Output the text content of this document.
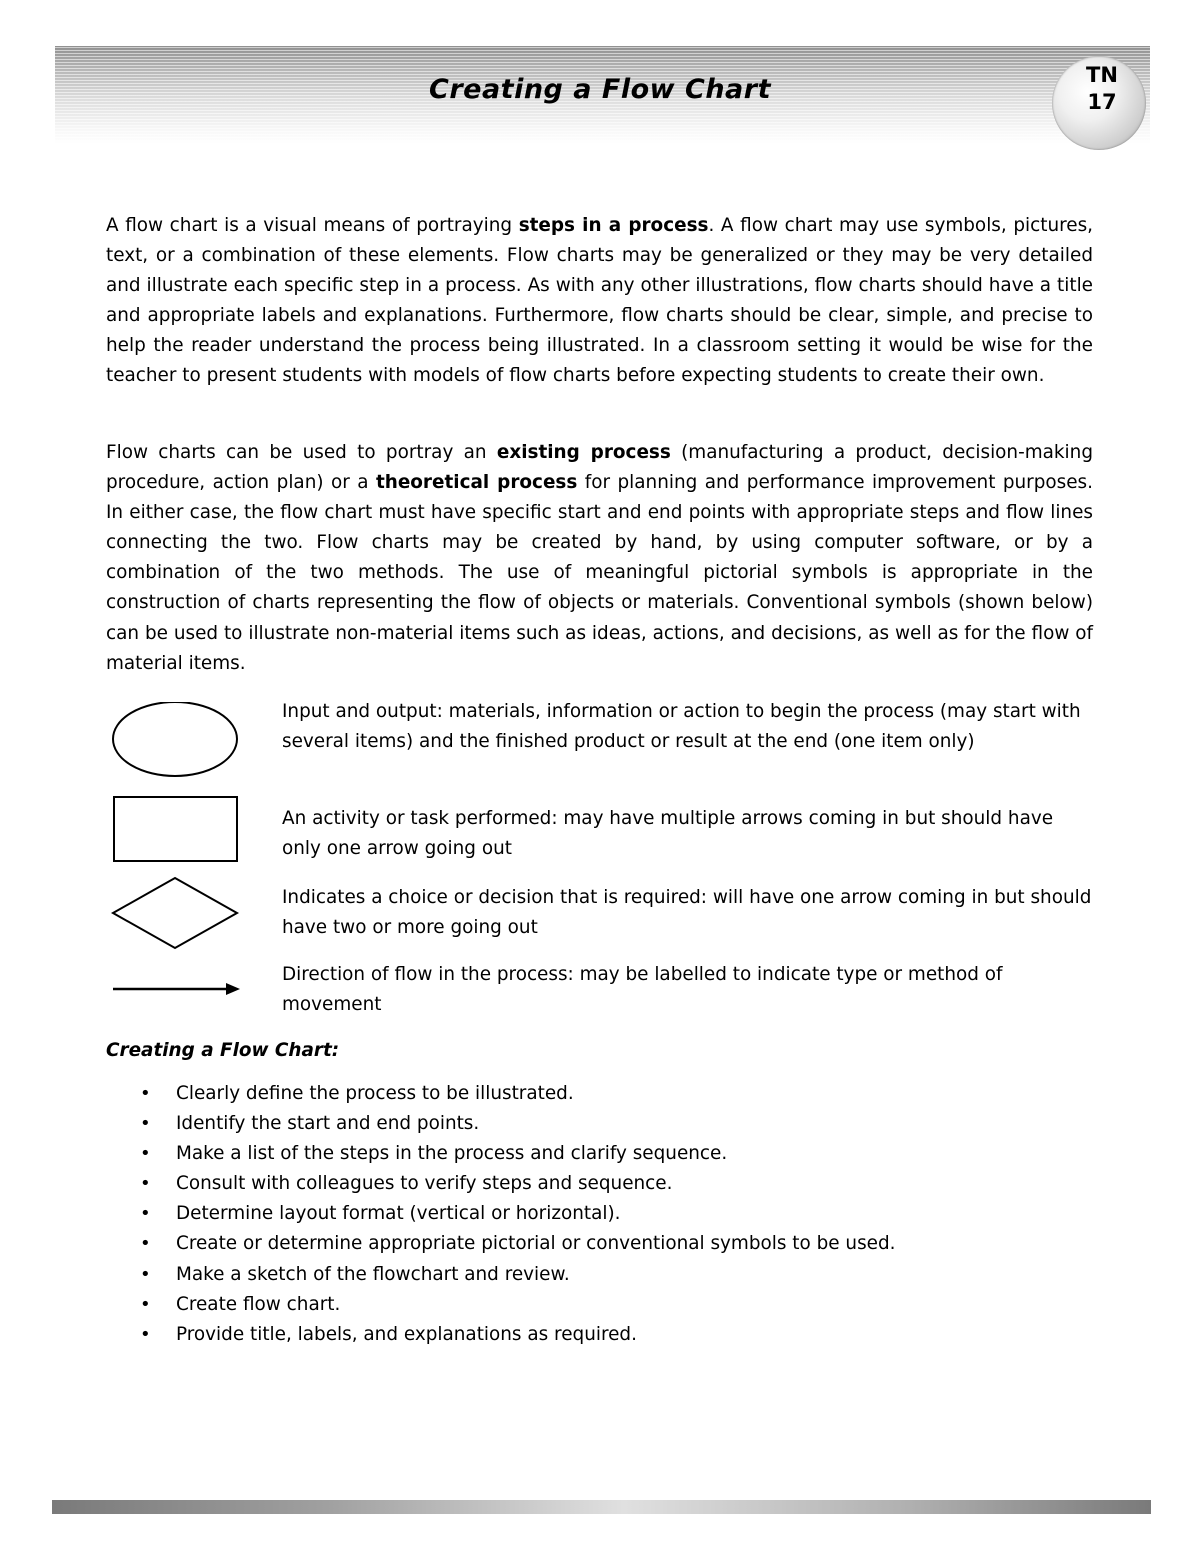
Creating a Flow Chart	TN
17

A flow chart is a visual means of portraying steps in a process. A flow chart may use symbols, pictures, text, or a combination of these elements. Flow charts may be generalized or they may be very detailed and illustrate each specific step in a process. As with any other illustrations, flow charts should have a title and appropriate labels and explanations. Furthermore, flow charts should be clear, simple, and precise to help the reader understand the process being illustrated. In a classroom setting it would be wise for the teacher to present students with models of flow charts before expecting students to create their own.

Flow charts can be used to portray an existing process (manufacturing a product, decision-making procedure, action plan) or a theoretical process for planning and performance improvement purposes. In either case, the flow chart must have specific start and end points with appropriate steps and flow lines connecting the two. Flow charts may be created by hand, by using computer software, or by a combination of the two methods. The use of meaningful pictorial symbols is appropriate in the construction of charts representing the flow of objects or materials. Conventional symbols (shown below) can be used to illustrate non-material items such as ideas, actions, and decisions, as well as for the flow of material items.

Input and output: materials, information or action to begin the process (may start with several items) and the finished product or result at the end (one item only)
An activity or task performed: may have multiple arrows coming in but should have only one arrow going out
Indicates a choice or decision that is required: will have one arrow coming in but should have two or more going out
Direction of flow in the process: may be labelled to indicate type or method of movement
Creating a Flow Chart:
• Clearly define the process to be illustrated.
• Identify the start and end points.
• Make a list of the steps in the process and clarify sequence.
• Consult with colleagues to verify steps and sequence.
• Determine layout format (vertical or horizontal).
• Create or determine appropriate pictorial or conventional symbols to be used.
• Make a sketch of the flowchart and review.
• Create flow chart.
• Provide title, labels, and explanations as required.
